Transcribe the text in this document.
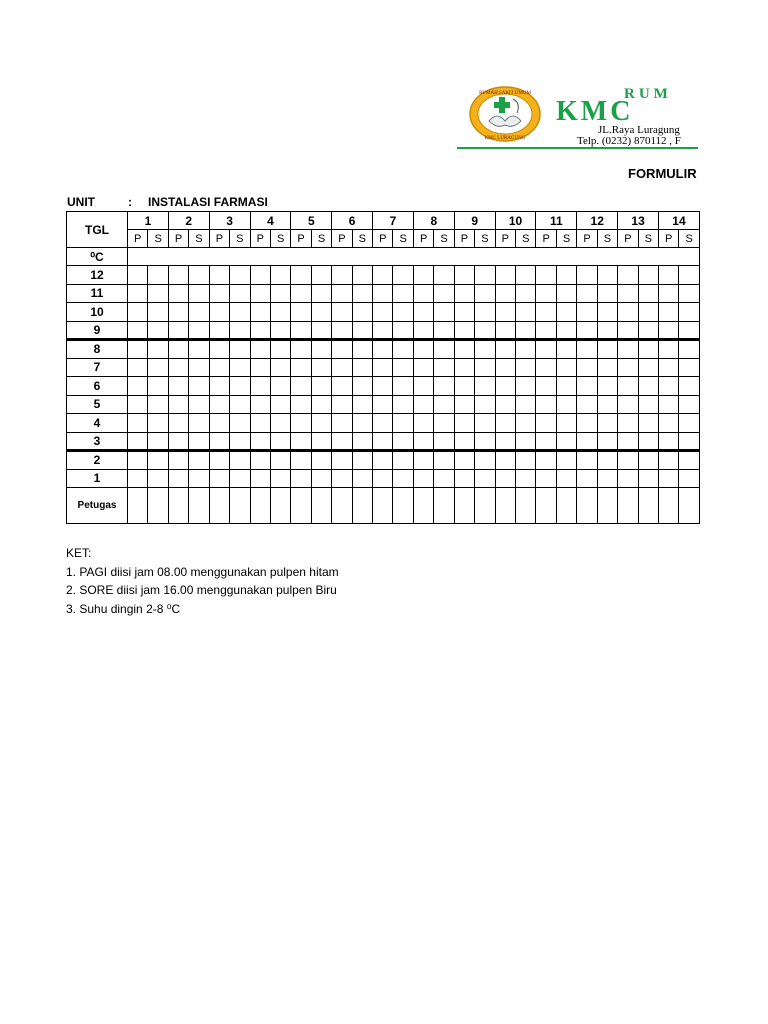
RUMAH SAKIT UMUM
KMC LURAGUNG
RUM
KMC
JL.Raya Luragung
Telp. (0232) 870112 , F
FORMULIR
UNIT	: INSTALASI FARMASI
TGL	1		2		3		4		5		6		7		8		9		10		11		12		13		14	
	P	S	P	S	P	S	P	S	P	S	P	S	P	S	P	S	P	S	P	S	P	S	P	S	P	S	P	S
⁰C																												
12																												
11																												
10																												
9																												
8																												
7																												
6																												
5																												
4																												
3																												
2																												
1																												
Petugas																												
KET:
1. PAGI diisi jam 08.00 menggunakan pulpen hitam
2. SORE diisi jam 16.00 menggunakan pulpen Biru
3. Suhu dingin 2-8 ⁰C
